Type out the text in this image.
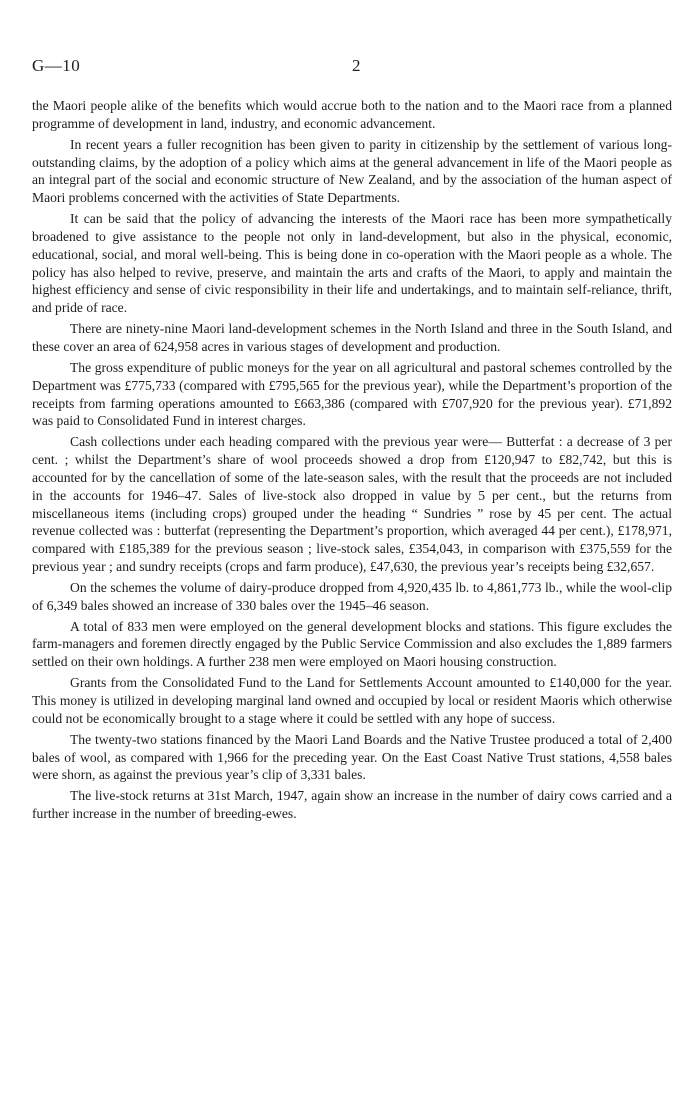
G—10	2

the Maori people alike of the benefits which would accrue both to the nation and to the Maori race from a planned programme of development in land, industry, and economic advancement.

In recent years a fuller recognition has been given to parity in citizenship by the settlement of various long-outstanding claims, by the adoption of a policy which aims at the general advancement in life of the Maori people as an integral part of the social and economic structure of New Zealand, and by the association of the human aspect of Maori problems concerned with the activities of State Departments.

It can be said that the policy of advancing the interests of the Maori race has been more sympathetically broadened to give assistance to the people not only in land-development, but also in the physical, economic, educational, social, and moral well-being. This is being done in co-operation with the Maori people as a whole. The policy has also helped to revive, preserve, and maintain the arts and crafts of the Maori, to apply and maintain the highest efficiency and sense of civic responsibility in their life and undertakings, and to maintain self-reliance, thrift, and pride of race.

There are ninety-nine Maori land-development schemes in the North Island and three in the South Island, and these cover an area of 624,958 acres in various stages of development and production.

The gross expenditure of public moneys for the year on all agricultural and pastoral schemes controlled by the Department was £775,733 (compared with £795,565 for the previous year), while the Department’s proportion of the receipts from farming operations amounted to £663,386 (compared with £707,920 for the previous year). £71,892 was paid to Consolidated Fund in interest charges.

Cash collections under each heading compared with the previous year were— Butterfat : a decrease of 3 per cent. ; whilst the Department’s share of wool proceeds showed a drop from £120,947 to £82,742, but this is accounted for by the cancellation of some of the late-season sales, with the result that the proceeds are not included in the accounts for 1946–47. Sales of live-stock also dropped in value by 5 per cent., but the returns from miscellaneous items (including crops) grouped under the heading “ Sundries ” rose by 45 per cent. The actual revenue collected was : butterfat (representing the Department’s proportion, which averaged 44 per cent.), £178,971, compared with £185,389 for the previous season ; live-stock sales, £354,043, in comparison with £375,559 for the previous year ; and sundry receipts (crops and farm produce), £47,630, the previous year’s receipts being £32,657.

On the schemes the volume of dairy-produce dropped from 4,920,435 lb. to 4,861,773 lb., while the wool-clip of 6,349 bales showed an increase of 330 bales over the 1945–46 season.

A total of 833 men were employed on the general development blocks and stations. This figure excludes the farm-managers and foremen directly engaged by the Public Service Commission and also excludes the 1,889 farmers settled on their own holdings. A further 238 men were employed on Maori housing construction.

Grants from the Consolidated Fund to the Land for Settlements Account amounted to £140,000 for the year. This money is utilized in developing marginal land owned and occupied by local or resident Maoris which otherwise could not be economically brought to a stage where it could be settled with any hope of success.

The twenty-two stations financed by the Maori Land Boards and the Native Trustee produced a total of 2,400 bales of wool, as compared with 1,966 for the preceding year. On the East Coast Native Trust stations, 4,558 bales were shorn, as against the previous year’s clip of 3,331 bales.

The live-stock returns at 31st March, 1947, again show an increase in the number of dairy cows carried and a further increase in the number of breeding-ewes.
